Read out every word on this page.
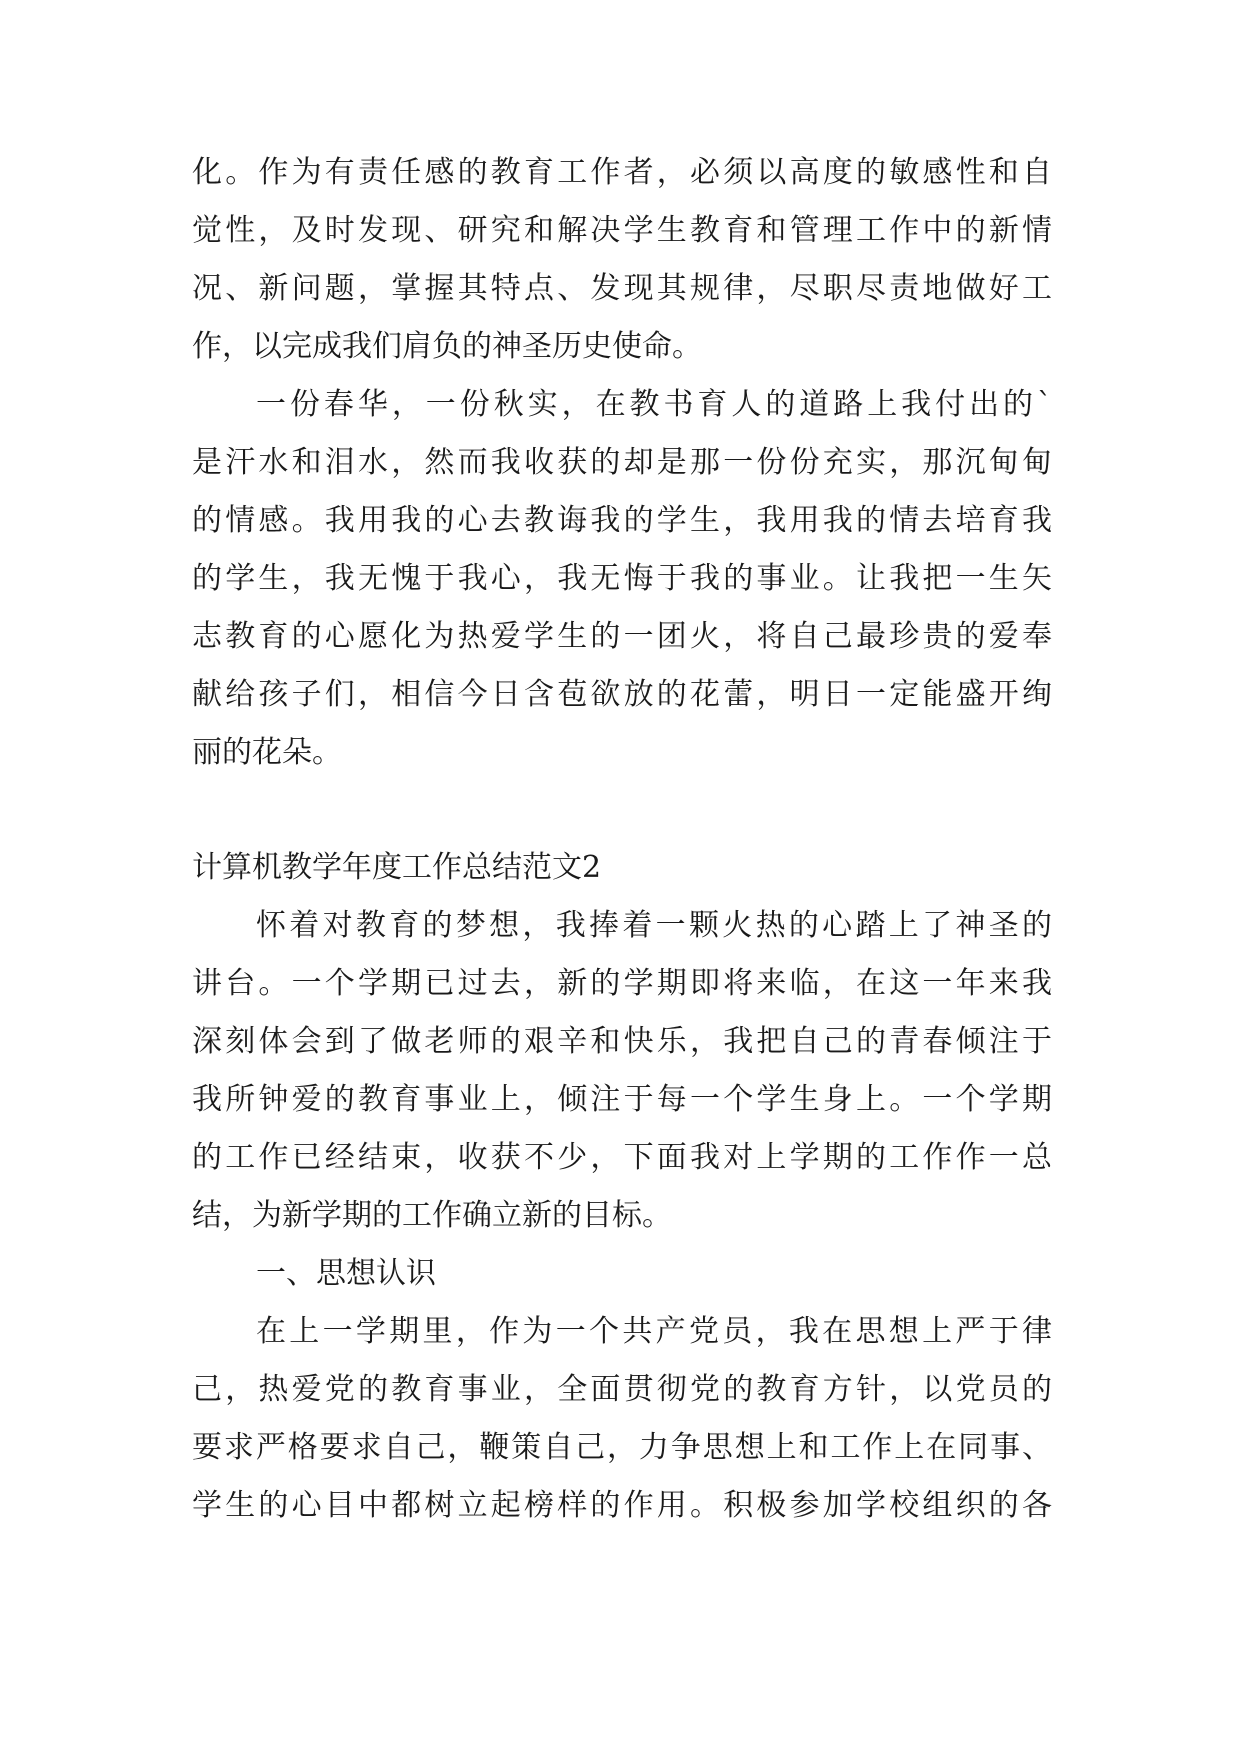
化。作为有责任感的教育工作者，必须以高度的敏感性和自
觉性，及时发现、研究和解决学生教育和管理工作中的新情
况、新问题，掌握其特点、发现其规律，尽职尽责地做好工
作，以完成我们肩负的神圣历史使命。
一份春华，一份秋实，在教书育人的道路上我付出的`
是汗水和泪水，然而我收获的却是那一份份充实，那沉甸甸
的情感。我用我的心去教诲我的学生，我用我的情去培育我
的学生，我无愧于我心，我无悔于我的事业。让我把一生矢
志教育的心愿化为热爱学生的一团火，将自己最珍贵的爱奉
献给孩子们，相信今日含苞欲放的花蕾，明日一定能盛开绚
丽的花朵。
计算机教学年度工作总结范文2
怀着对教育的梦想，我捧着一颗火热的心踏上了神圣的
讲台。一个学期已过去，新的学期即将来临，在这一年来我
深刻体会到了做老师的艰辛和快乐，我把自己的青春倾注于
我所钟爱的教育事业上，倾注于每一个学生身上。一个学期
的工作已经结束，收获不少，下面我对上学期的工作作一总
结，为新学期的工作确立新的目标。
一、思想认识
在上一学期里，作为一个共产党员，我在思想上严于律
己，热爱党的教育事业，全面贯彻党的教育方针，以党员的
要求严格要求自己，鞭策自己，力争思想上和工作上在同事、
学生的心目中都树立起榜样的作用。积极参加学校组织的各
